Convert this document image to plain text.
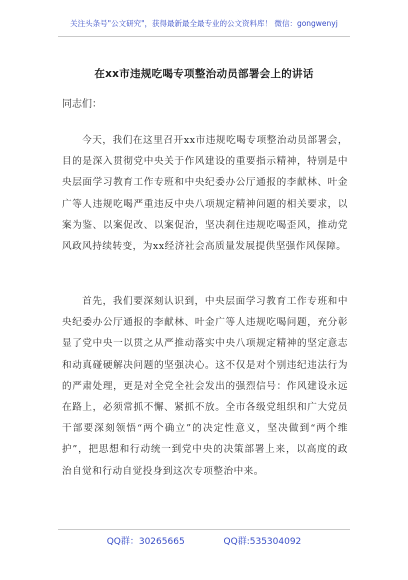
关注头条号"公文研究"，获得最新最全最专业的公文资料库！ 微信：gongwenyj
在xx市违规吃喝专项整治动员部署会上的讲话
同志们：

今天，我们在这里召开xx市违规吃喝专项整治动员部署会，目的是深入贯彻党中央关于作风建设的重要指示精神，特别是中央层面学习教育工作专班和中央纪委办公厅通报的李献林、叶金广等人违规吃喝严重违反中央八项规定精神问题的相关要求，以案为鉴、以案促改、以案促治，坚决刹住违规吃喝歪风，推动党风政风持续转变，为xx经济社会高质量发展提供坚强作风保障。

首先，我们要深刻认识到，中央层面学习教育工作专班和中央纪委办公厅通报的李献林、叶金广等人违规吃喝问题，充分彰显了党中央一以贯之从严推动落实中央八项规定精神的坚定意志和动真碰硬解决问题的坚强决心。这不仅是对个别违纪违法行为的严肃处理，更是对全党全社会发出的强烈信号：作风建设永远在路上，必须常抓不懈、紧抓不放。全市各级党组织和广大党员干部要深刻领悟“两个确立”的决定性意义，坚决做到“两个维护”，把思想和行动统一到党中央的决策部署上来，以高度的政治自觉和行动自觉投身到这次专项整治中来。

QQ群：30265665	QQ群:535304092
